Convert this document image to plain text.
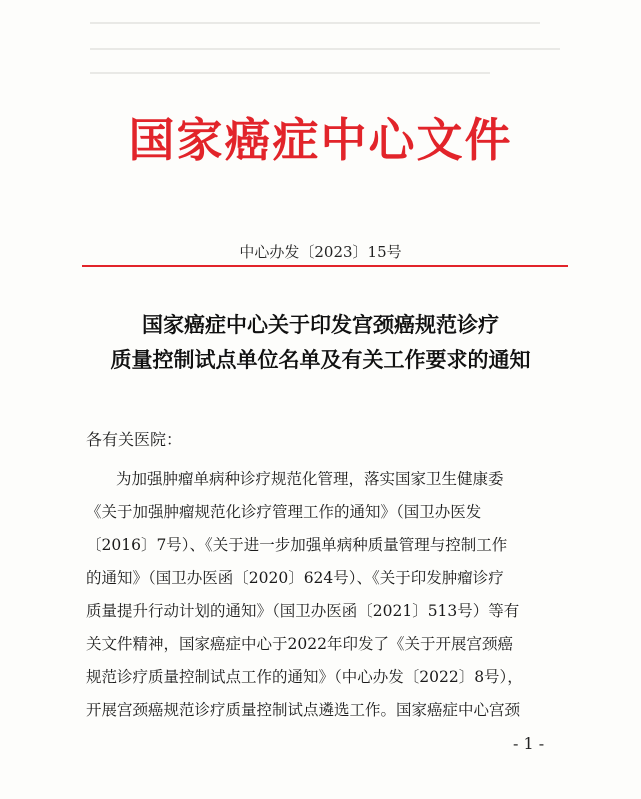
国家癌症中心文件
中心办发〔2023〕15号
国家癌症中心关于印发宫颈癌规范诊疗
质量控制试点单位名单及有关工作要求的通知
各有关医院：
为加强肿瘤单病种诊疗规范化管理，落实国家卫生健康委
《关于加强肿瘤规范化诊疗管理工作的通知》（国卫办医发
〔2016〕7号）、《关于进一步加强单病种质量管理与控制工作
的通知》（国卫办医函〔2020〕624号）、《关于印发肿瘤诊疗
质量提升行动计划的通知》（国卫办医函〔2021〕513号）等有
关文件精神，国家癌症中心于2022年印发了《关于开展宫颈癌
规范诊疗质量控制试点工作的通知》（中心办发〔2022〕8号），
开展宫颈癌规范诊疗质量控制试点遴选工作。国家癌症中心宫颈
- 1 -
